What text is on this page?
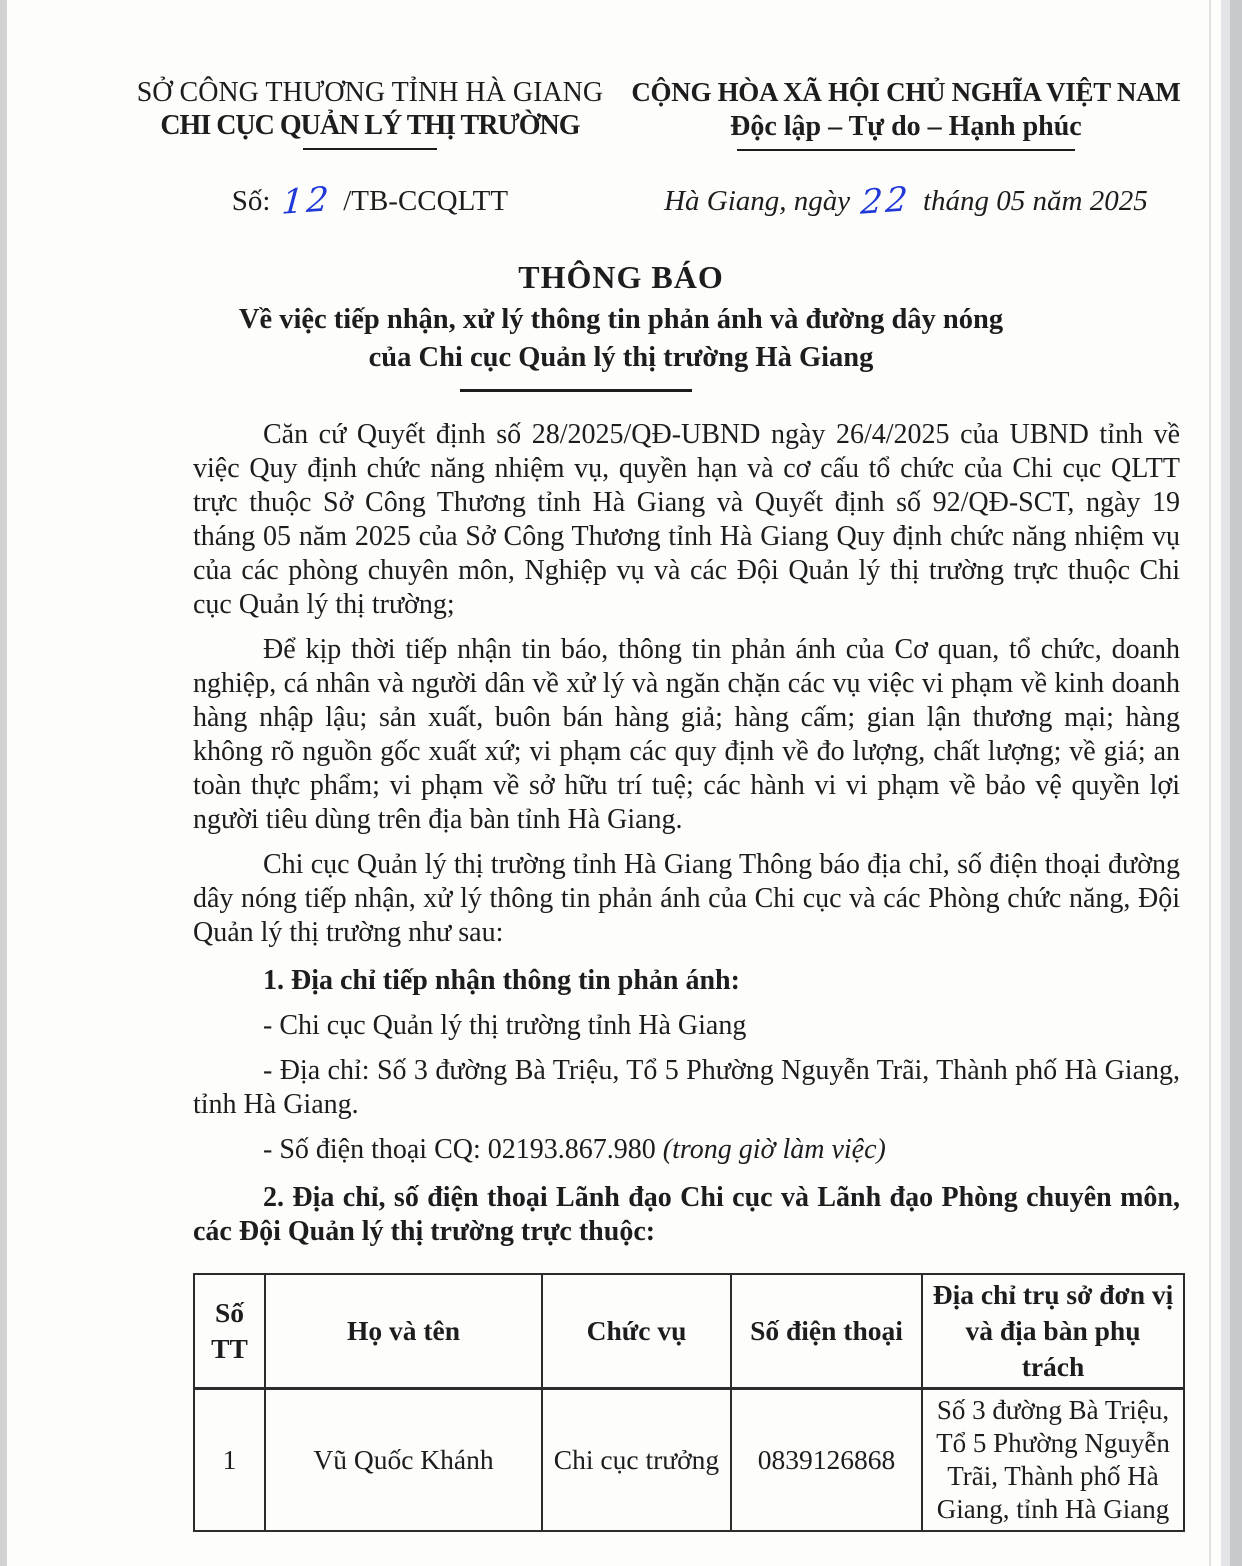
SỞ CÔNG THƯƠNG TỈNH HÀ GIANG
CHI CỤC QUẢN LÝ THỊ TRƯỜNG
CỘNG HÒA XÃ HỘI CHỦ NGHĨA VIỆT NAM
Độc lập – Tự do – Hạnh phúc
Số: 12 /TB-CCQLTT	Hà Giang, ngày 22 tháng 05 năm 2025
THÔNG BÁO
Về việc tiếp nhận, xử lý thông tin phản ánh và đường dây nóng
của Chi cục Quản lý thị trường Hà Giang

Căn cứ Quyết định số 28/2025/QĐ-UBND ngày 26/4/2025 của UBND tỉnh về việc Quy định chức năng nhiệm vụ, quyền hạn và cơ cấu tổ chức của Chi cục QLTT trực thuộc Sở Công Thương tỉnh Hà Giang và Quyết định số 92/QĐ-SCT, ngày 19 tháng 05 năm 2025 của Sở Công Thương tỉnh Hà Giang Quy định chức năng nhiệm vụ của các phòng chuyên môn, Nghiệp vụ và các Đội Quản lý thị trường trực thuộc Chi cục Quản lý thị trường;

Để kịp thời tiếp nhận tin báo, thông tin phản ánh của Cơ quan, tổ chức, doanh nghiệp, cá nhân và người dân về xử lý và ngăn chặn các vụ việc vi phạm về kinh doanh hàng nhập lậu; sản xuất, buôn bán hàng giả; hàng cấm; gian lận thương mại; hàng không rõ nguồn gốc xuất xứ; vi phạm các quy định về đo lượng, chất lượng; về giá; an toàn thực phẩm; vi phạm về sở hữu trí tuệ; các hành vi vi phạm về bảo vệ quyền lợi người tiêu dùng trên địa bàn tỉnh Hà Giang.

Chi cục Quản lý thị trường tỉnh Hà Giang Thông báo địa chỉ, số điện thoại đường dây nóng tiếp nhận, xử lý thông tin phản ánh của Chi cục và các Phòng chức năng, Đội Quản lý thị trường như sau:

1. Địa chỉ tiếp nhận thông tin phản ánh:

- Chi cục Quản lý thị trường tỉnh Hà Giang

- Địa chỉ: Số 3 đường Bà Triệu, Tổ 5 Phường Nguyễn Trãi, Thành phố Hà Giang, tỉnh Hà Giang.

- Số điện thoại CQ: 02193.867.980 (trong giờ làm việc)

2. Địa chỉ, số điện thoại Lãnh đạo Chi cục và Lãnh đạo Phòng chuyên môn, các Đội Quản lý thị trường trực thuộc:

Số TT	Họ và tên	Chức vụ	Số điện thoại	Địa chỉ trụ sở đơn vị và địa bàn phụ trách
1	Vũ Quốc Khánh	Chi cục trưởng	0839126868	Số 3 đường Bà Triệu, Tổ 5 Phường Nguyễn Trãi, Thành phố Hà Giang, tỉnh Hà Giang
